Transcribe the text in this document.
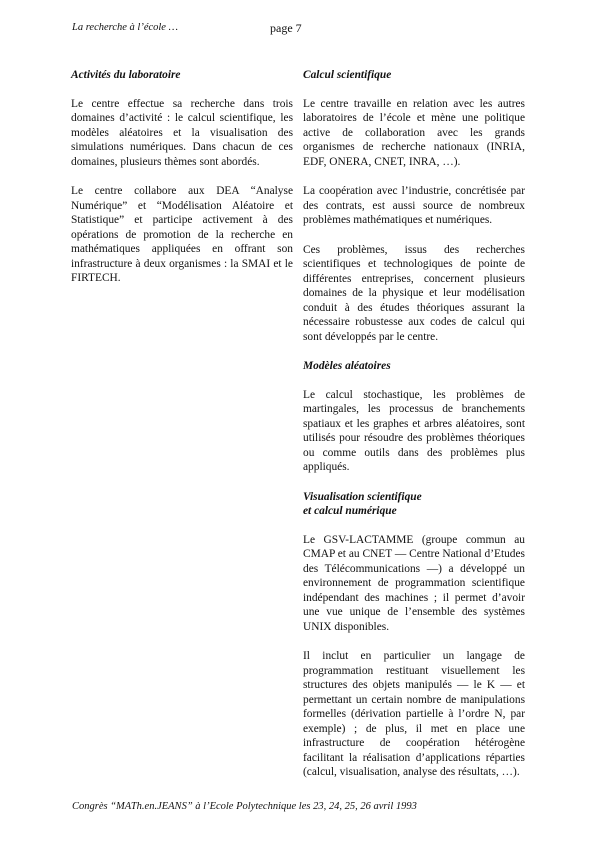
La recherche à l’école …	page 7
Activités du laboratoire

Le centre effectue sa recherche dans trois domaines d’activité : le calcul scientifique, les modèles aléatoires et la visualisation des simulations numériques. Dans chacun de ces domaines, plusieurs thèmes sont abordés.

Le centre collabore aux DEA “Analyse Numérique” et “Modélisation Aléatoire et Statistique” et participe activement à des opérations de promotion de la recherche en mathématiques appliquées en offrant son infrastructure à deux organismes : la SMAI et le FIRTECH.

Calcul scientifique

Le centre travaille en relation avec les autres laboratoires de l’école et mène une politique active de collaboration avec les grands organismes de recherche nationaux (INRIA, EDF, ONERA, CNET, INRA, …).

La coopération avec l’industrie, concrétisée par des contrats, est aussi source de nombreux problèmes mathématiques et numériques.

Ces problèmes, issus des recherches scientifiques et technologiques de pointe de différentes entreprises, concernent plusieurs domaines de la physique et leur modélisation conduit à des études théoriques assurant la nécessaire robustesse aux codes de calcul qui sont développés par le centre.

Modèles aléatoires

Le calcul stochastique, les problèmes de martingales, les processus de branchements spatiaux et les graphes et arbres aléatoires, sont utilisés pour résoudre des problèmes théoriques ou comme outils dans des problèmes plus appliqués.

Visualisation scientifique
et calcul numérique

Le GSV-LACTAMME (groupe commun au CMAP et au CNET — Centre National d’Etudes des Télécommunications —) a développé un environnement de programmation scientifique indépendant des machines ; il permet d’avoir une vue unique de l’ensemble des systèmes UNIX disponibles.

Il inclut en particulier un langage de programmation restituant visuellement les structures des objets manipulés — le K — et permettant un certain nombre de manipulations formelles (dérivation partielle à l’ordre N, par exemple) ; de plus, il met en place une infrastructure de coopération hétérogène facilitant la réalisation d’applications réparties (calcul, visualisation, analyse des résultats, …).

Congrès “MATh.en.JEANS” à l’Ecole Polytechnique les 23, 24, 25, 26 avril 1993
